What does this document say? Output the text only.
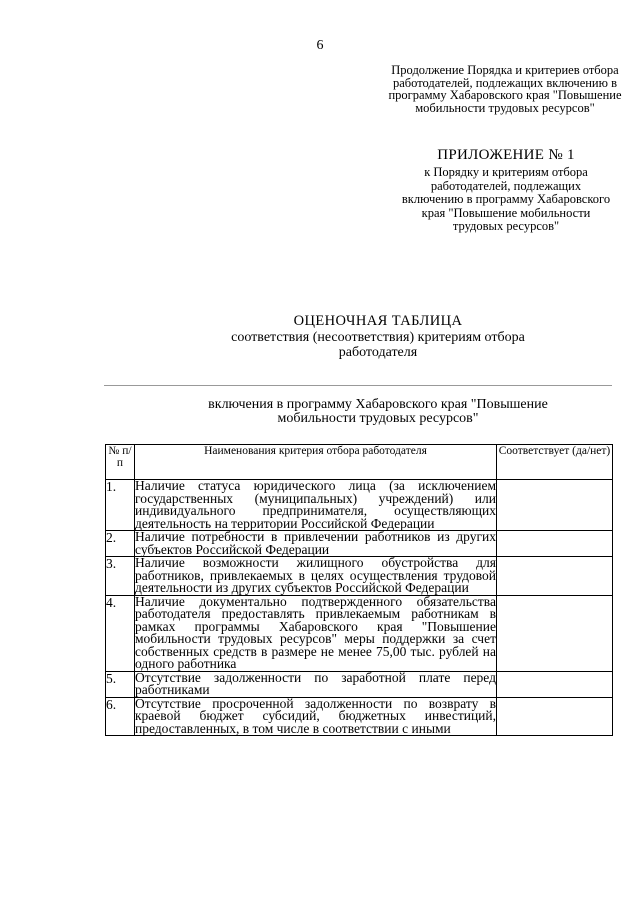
6
Продолжение Порядка и критериев отбора работодателей, подлежащих включению в программу Хабаровского края "Повышение мобильности трудовых ресурсов"
ПРИЛОЖЕНИЕ № 1
к Порядку и критериям отбора работодателей, подлежащих включению в программу Хабаровского края "Повышение мобильности трудовых ресурсов"
ОЦЕНОЧНАЯ ТАБЛИЦА
соответствия (несоответствия) критериям отбора работодателя
включения в программу Хабаровского края "Повышение мобильности трудовых ресурсов"
№ п/п	Наименования критерия отбора работодателя	Соответствует (да/нет)
1.	Наличие статуса юридического лица (за исключением государственных (муниципальных) учреждений) или индивидуального предпринимателя, осуществляющих деятельность на территории Российской Федерации	
2.	Наличие потребности в привлечении работников из других субъектов Российской Федерации	
3.	Наличие возможности жилищного обустройства для работников, привлекаемых в целях осуществления трудовой деятельности из других субъектов Российской Федерации	
4.	Наличие документально подтвержденного обязательства работодателя предоставлять привлекаемым работникам в рамках программы Хабаровского края "Повышение мобильности трудовых ресурсов" меры поддержки за счет собственных средств в размере не менее 75,00 тыс. рублей на одного работника	
5.	Отсутствие задолженности по заработной плате перед работниками	
6.	Отсутствие просроченной задолженности по возврату в краевой бюджет субсидий, бюджетных инвестиций, предоставленных, в том числе в соответствии с иными	
